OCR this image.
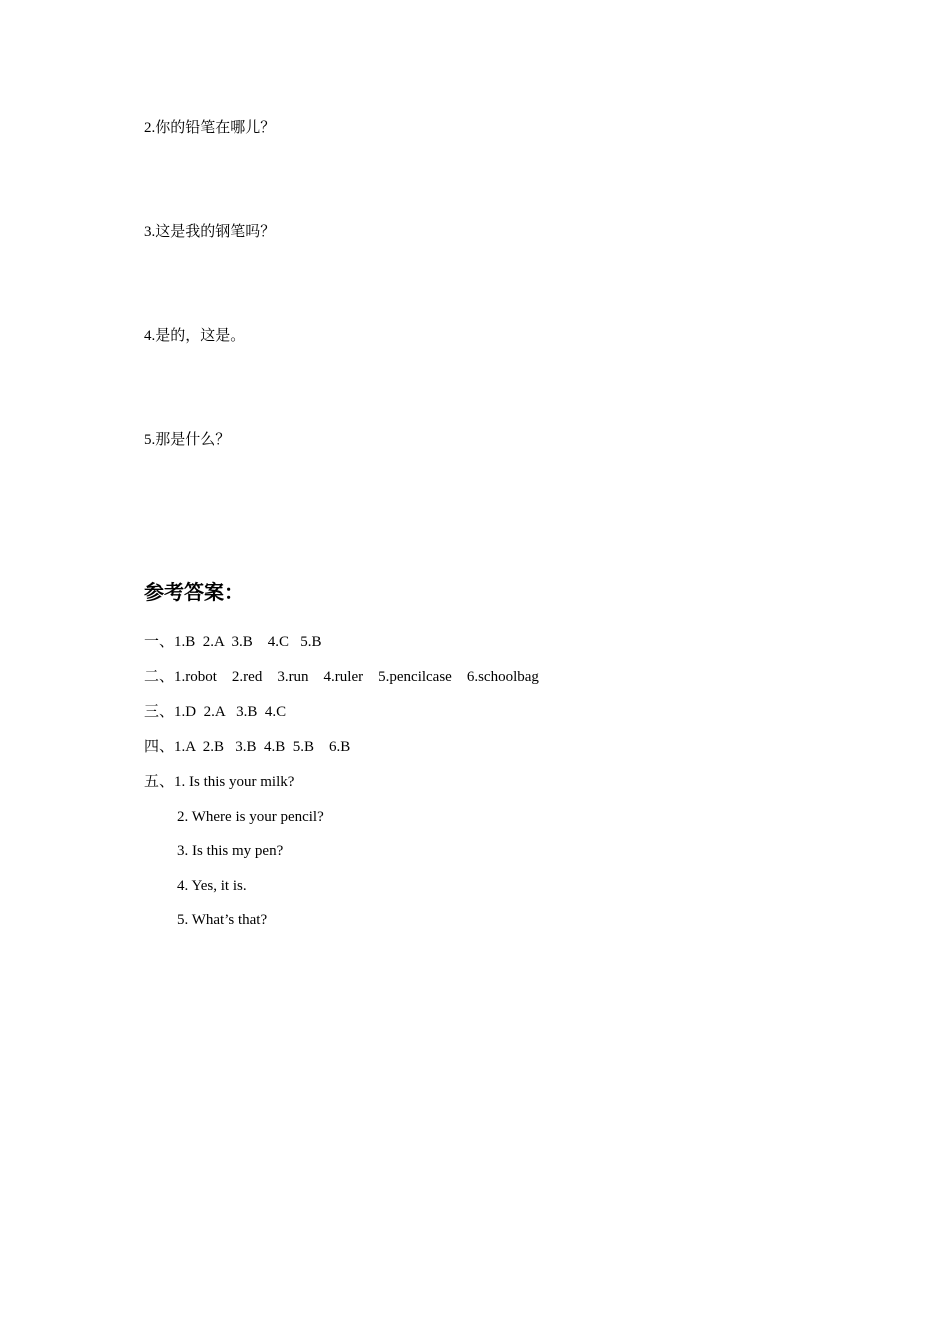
2.你的铅笔在哪儿？
3.这是我的钢笔吗？
4.是的，这是。
5.那是什么？
参考答案：
一、1.B  2.A  3.B    4.C   5.B
二、1.robot    2.red    3.run    4.ruler    5.pencilcase    6.schoolbag
三、1.D  2.A   3.B  4.C
四、1.A  2.B   3.B  4.B  5.B    6.B
五、1. Is this your milk?
2. Where is your pencil?
3. Is this my pen?
4. Yes, it is.
5. What’s that?
